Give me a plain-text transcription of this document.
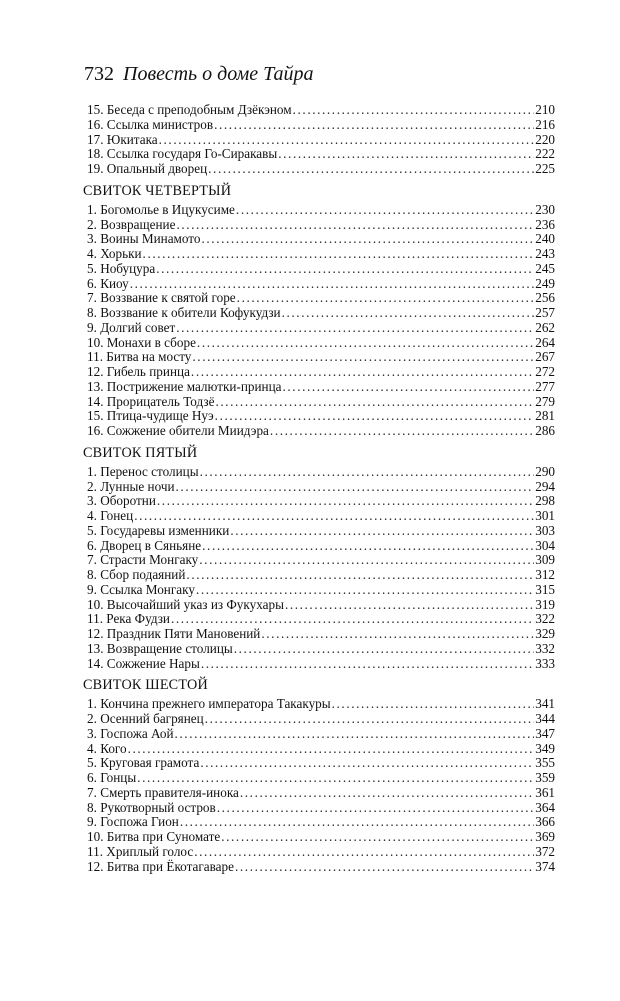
732 Повесть о доме Тайра
15. Беседа с преподобным Дзёкэном .....	210
16. Ссылка министров .....	216
17. Юкитака .....	220
18. Ссылка государя Го-Сиракавы .....	222
19. Опальный дворец .....	225
СВИТОК ЧЕТВЕРТЫЙ
1. Богомолье в Ицукусиме .....	230
2. Возвращение .....	236
3. Воины Минамото .....	240
4. Хорьки .....	243
5. Нобуцура .....	245
6. Киоу .....	249
7. Воззвание к святой горе .....	256
8. Воззвание к обители Кофукудзи .....	257
9. Долгий совет .....	262
10. Монахи в сборе .....	264
11. Битва на мосту .....	267
12. Гибель принца .....	272
13. Пострижение малютки-принца .....	277
14. Прорицатель Тодзё .....	279
15. Птица-чудище Нуэ .....	281
16. Сожжение обители Миидэра .....	286
СВИТОК ПЯТЫЙ
1. Перенос столицы .....	290
2. Лунные ночи .....	294
3. Оборотни .....	298
4. Гонец .....	301
5. Государевы изменники .....	303
6. Дворец в Сяньяне .....	304
7. Страсти Монгаку .....	309
8. Сбор подаяний .....	312
9. Ссылка Монгаку .....	315
10. Высочайший указ из Фукухары .....	319
11. Река Фудзи .....	322
12. Праздник Пяти Мановений .....	329
13. Возвращение столицы .....	332
14. Сожжение Нары .....	333
СВИТОК ШЕСТОЙ
1. Кончина прежнего императора Такакуры .....	341
2. Осенний багрянец .....	344
3. Госпожа Аой .....	347
4. Кого .....	349
5. Круговая грамота .....	355
6. Гонцы .....	359
7. Смерть правителя-инока .....	361
8. Рукотворный остров .....	364
9. Госпожа Гион .....	366
10. Битва при Суномате .....	369
11. Хриплый голос .....	372
12. Битва при Ёкотагаваре .....	374
